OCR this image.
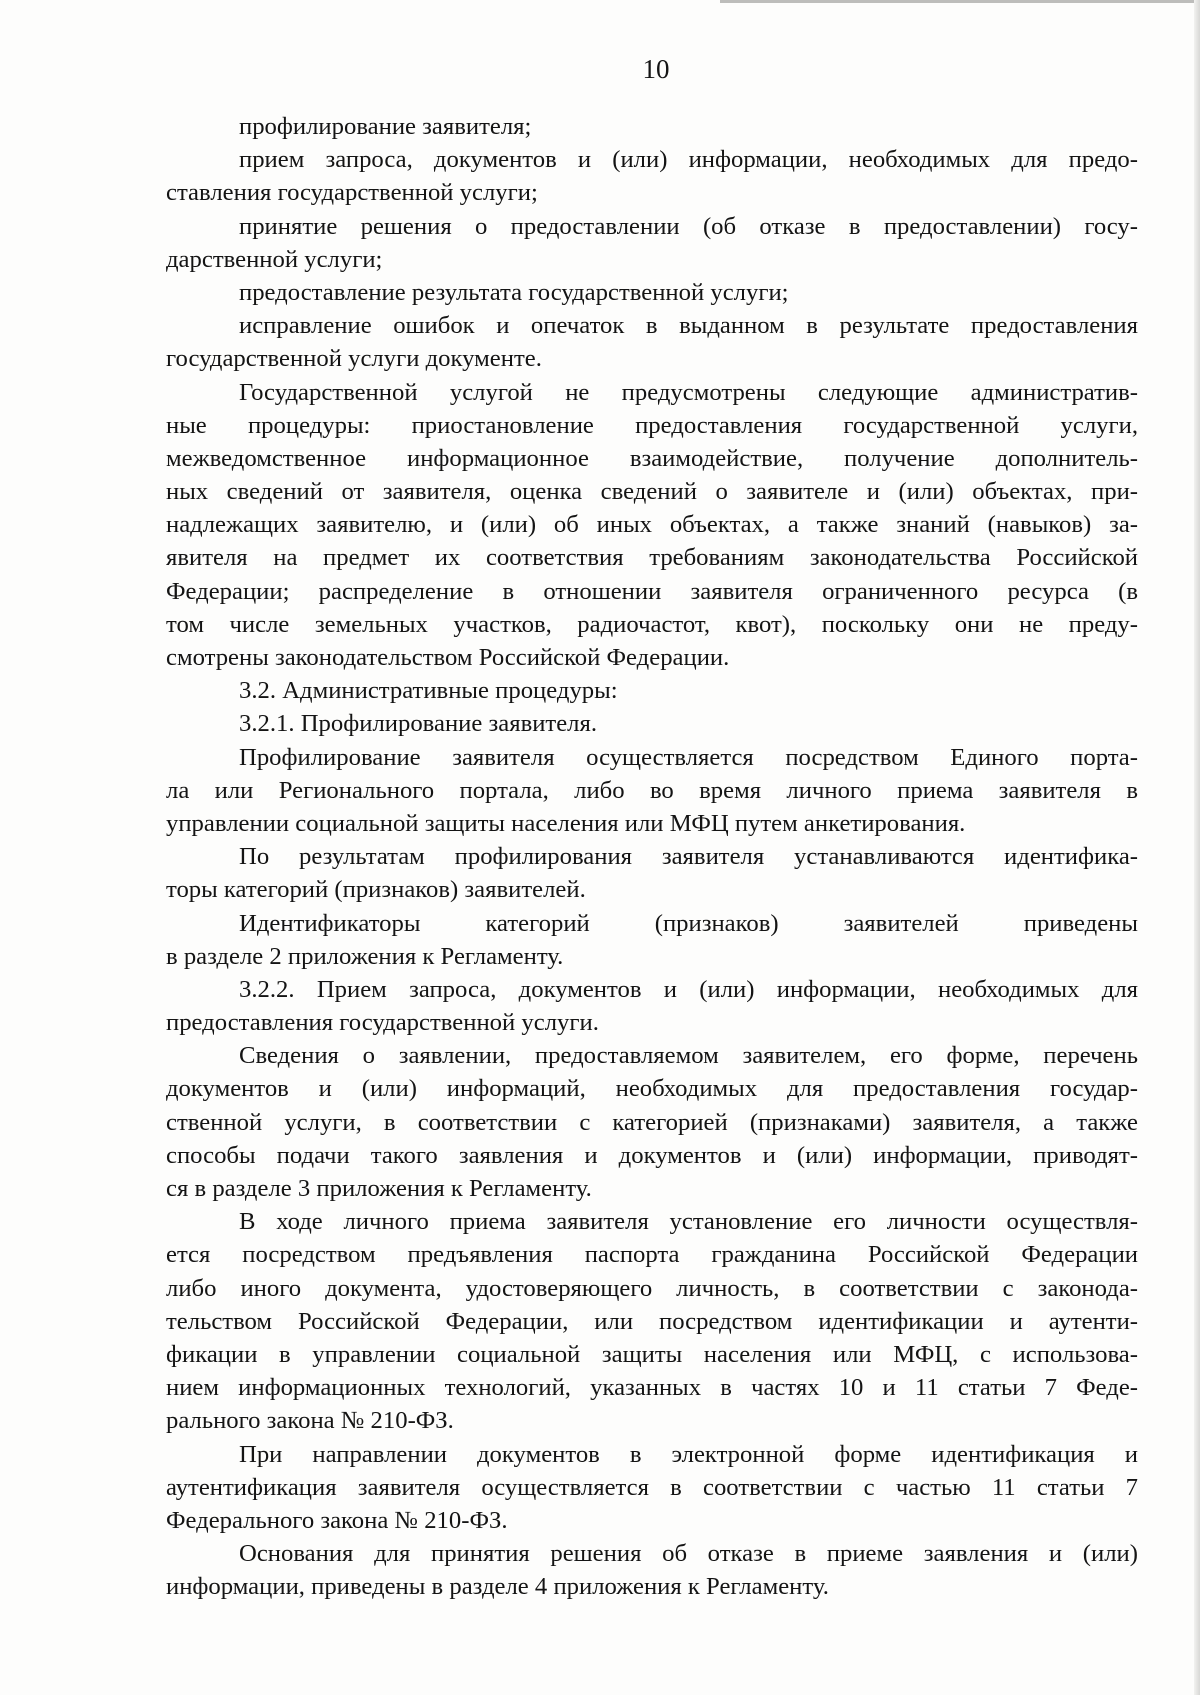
10
профилирование заявителя;
прием запроса, документов и (или) информации, необходимых для предо-
ставления государственной услуги;
принятие решения о предоставлении (об отказе в предоставлении) госу-
дарственной услуги;
предоставление результата государственной услуги;
исправление ошибок и опечаток в выданном в результате предоставления
государственной услуги документе.
Государственной услугой не предусмотрены следующие административ-
ные процедуры: приостановление предоставления государственной услуги,
межведомственное информационное взаимодействие, получение дополнитель-
ных сведений от заявителя, оценка сведений о заявителе и (или) объектах, при-
надлежащих заявителю, и (или) об иных объектах, а также знаний (навыков) за-
явителя на предмет их соответствия требованиям законодательства Российской
Федерации; распределение в отношении заявителя ограниченного ресурса (в
том числе земельных участков, радиочастот, квот), поскольку они не преду-
смотрены законодательством Российской Федерации.
3.2. Административные процедуры:
3.2.1. Профилирование заявителя.
Профилирование заявителя осуществляется посредством Единого порта-
ла или Регионального портала, либо во время личного приема заявителя в
управлении социальной защиты населения или МФЦ путем анкетирования.
По результатам профилирования заявителя устанавливаются идентифика-
торы категорий (признаков) заявителей.
Идентификаторы категорий (признаков) заявителей приведены
в разделе 2 приложения к Регламенту.
3.2.2. Прием запроса, документов и (или) информации, необходимых для
предоставления государственной услуги.
Сведения о заявлении, предоставляемом заявителем, его форме, перечень
документов и (или) информаций, необходимых для предоставления государ-
ственной услуги, в соответствии с категорией (признаками) заявителя, а также
способы подачи такого заявления и документов и (или) информации, приводят-
ся в разделе 3 приложения к Регламенту.
В ходе личного приема заявителя установление его личности осуществля-
ется посредством предъявления паспорта гражданина Российской Федерации
либо иного документа, удостоверяющего личность, в соответствии с законода-
тельством Российской Федерации, или посредством идентификации и аутенти-
фикации в управлении социальной защиты населения или МФЦ, с использова-
нием информационных технологий, указанных в частях 10 и 11 статьи 7 Феде-
рального закона № 210-ФЗ.
При направлении документов в электронной форме идентификация и
аутентификация заявителя осуществляется в соответствии с частью 11 статьи 7
Федерального закона № 210-ФЗ.
Основания для принятия решения об отказе в приеме заявления и (или)
информации, приведены в разделе 4 приложения к Регламенту.
